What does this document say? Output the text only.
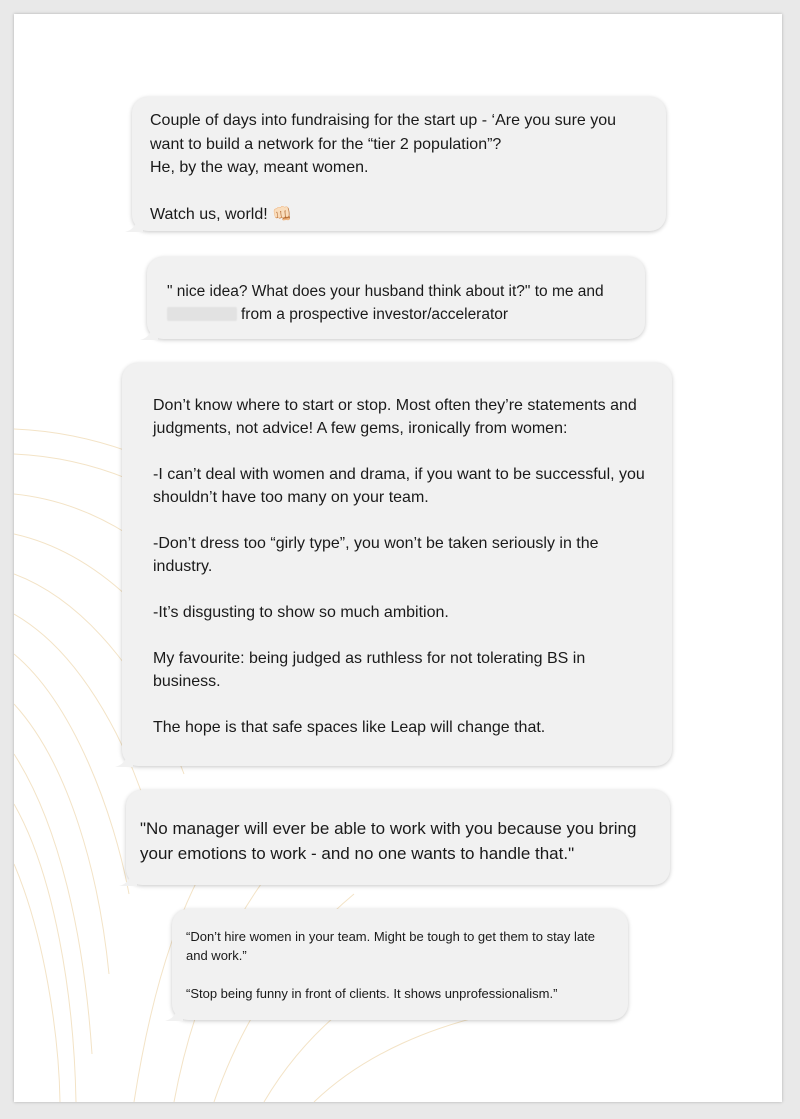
Couple of days into fundraising for the start up - ‘Are you sure you want to build a network for the “tier 2 population”?
He, by the way, meant women.

Watch us, world! 👊🏻

" nice idea? What does your husband think about it?" to me and
from a prospective investor/accelerator

Don’t know where to start or stop. Most often they’re statements and judgments, not advice! A few gems, ironically from women:

-I can’t deal with women and drama, if you want to be successful, you shouldn’t have too many on your team.

-Don’t dress too “girly type”, you won’t be taken seriously in the industry.

-It’s disgusting to show so much ambition.

My favourite: being judged as ruthless for not tolerating BS in business.

The hope is that safe spaces like Leap will change that.

"No manager will ever be able to work with you because you bring your emotions to work - and no one wants to handle that."

“Don’t hire women in your team. Might be tough to get them to stay late and work.”

“Stop being funny in front of clients. It shows unprofessionalism.”
